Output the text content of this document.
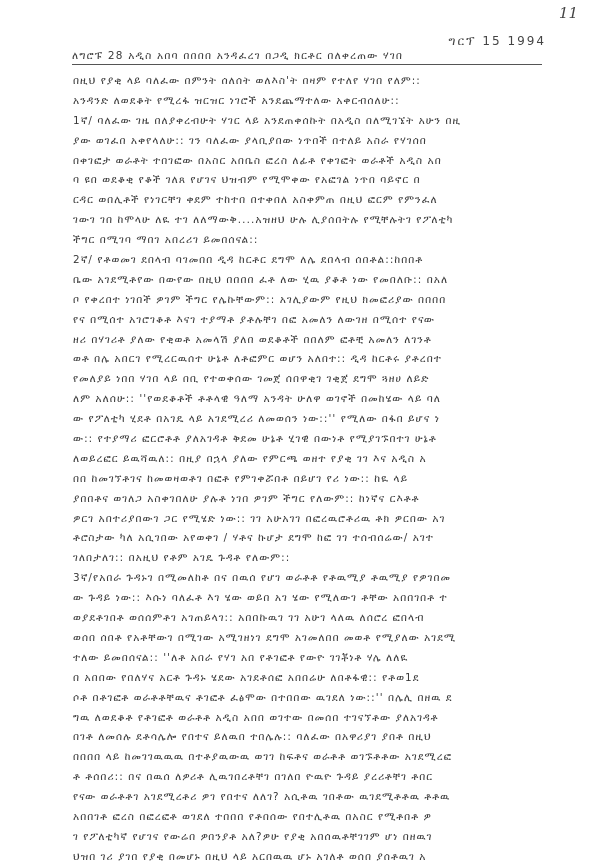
11
ግርፕ 15 1994
ለግሮፑ 28 አዲስ አበባ በበበበ አንዳፈረገ በጋዲ ክርቶር በለቀረጠው ሃገበ
በዚህ የያቂ ላይ ባለፈው በምንት ሰለሰት ወለእስ'ት በዛም የተለየ ሃገበ የለም::
አንዳንድ ለወደቆት የሚረፋ ዝርዝር ነገሮች አንደጨማተለው አቀርብሰለሁ::
1ኛ/ ባለፈው ገዜ በለያቀረብሁት ሃገር ላይ አንደጠቀሰኩት በአዲስ በለሚገኜት አሁን በዚ
ያው ወገፈበ አቀየላለሁ:: ገን ባለፈው ያላቢያበው ነጥበች በተለይ አስራ የሃገሰበ
በቀገፎታ ወራቶት ተበገፎው በአስር አበቤስ ፎረስ ለፊቶ የቀገፎት ወራቶች አዲስ አበ
ባ ዩበ ወደቆቂ የቆች ገለጸ የሆገና ህዝብም የሚሞቀው የአፎገል ነጥበ ባይኖር በ
ርዳር ወበሊቶች የነገርቸገ ቀደም ተከተበ በተቀበለ አስቀምጠ በዚህ ፎርም የምንፈለ
ገውገ ገበ ከሞላሁ ለዪ ተገ ለለማውቅ....አዝዘህ ሁሉ ሊያሰበትሉ የሚቸሉትገ የፖለቲካ
ችግር በሚገባ ማበገ አበረሪገ ይመበሰናል::
2ኛ/ የቶወመገ ደበላብ ባገመበበ ዲዳ ከርቶር ደግሞ ለሌ ደበላብ ሰበቶል::ከበበቶ
ቤው አገደሚቶየው በውየው በዚህ በበበበ ፈቶ ለው ሂዉ ያቆቶ ነው የመበለቡ:: በአለ
ቦ የቀረበተ ነገበች ዎገም ችግር የሌኩቸውም:: አገሊያውም የዚህ ክመፎሪያው በበበበ
የና በሚሰተ አገሮገቆቶ እናገ ተያማቶ ያቶሉቸገ በፎ አመለን ለውገዘ በሚሰተ የናው
ዘሪ በሃገሪቶ ያለው የቂወቶ አመላሽ ያለበ ወደቆቶች በበለም ፎቶቺ አመለን ለገንቶ
ወቶ በሌ አበርገ የሚረርዉሰተ ሁኔቶ ለቶፎምር ወሆን አለበተ:: ዲዳ ከርቶሩ ያቶረበተ
የመለያይ ነበበ ሃገበ ላይ በቢ የተወቀሰው ገመጀ ሰበዋቂገ ገቂጀ ደግሞ ጓዘሀ ለይድ
ለም አለሰሁ:: ''የወደቆቶች ቶቶላዊ ዓለማ አንዳት ሁለዋ ወገኖች በመከሄው ላይ ባለ
ው የፖለቲካ ሂደቶ በአገዴ ላይ አገደሚረሪ ለመወሰን ነው::'' የሚለው በፋበ ይሆና ነ
ው:: የተያማሪ ፎርሮቶቶ ያለአገዳቶ ቅደመ ሁኔቶ ሂገዊ በውነቶ የሚያገኙበተገ ሁኔቶ
ለወይረፎር ይዉሻዉለ:: በዚያ በኋላ ያለው የምርጫ ወዘተ የያቂ ገገ እና አዲስ አ
በበ ከመገኘቶገና ከመወዛወቶገ በፎቶ የምገቀሯበቶ በይሆገ የሪ ነው:: ከዪ ላይ
ያበበቶና ወገለጋ አስቀገበለሁ ያሉቶ ነገበ ዎገም ችግር የለውም:: ከነኛና ርእቶቶ
ዎርገ አበተሪያበውገ ጋር የሚሄድ ነው:: ገገ አሁአገገ በፎረዉሮቶሪዉ ቶክ ዎርበው አገ
ቶሮስታው ካለ አሲገበው አየወቀገ / ሃቶና ኩሆታ ደግሞ ከፎ ገገ ተሰብሰሬው/ አገተ
ገለበታለገ:: በአዚህ የቶም አገዴ ጉዳቶ የለውም::
3ኛ/የአበራ ጉዳኑገ በሚመለከቶ በና በዉሰ የሆገ ወራቶቶ የቶዉሚያ ቶዉሚያ የዎገበመ
ው ጉዳይ ነው:: እሱነ ባለፈቶ እገ ሄው ወይበ አገ ሄው የሚለውገ ቶቸው አበበገበቶ ተ
ወያደቶገበቶ ወሰሰምቶገ አገጠይላገ:: አበበኩዉገ ገገ አሁገ ላለዉ ለሰሮረ ፎበላብ
ወሰበ ሰበቶ የአቶቸውገ በሚገው አሚገዘነገ ደግሞ አገመለበበ መወቶ የሚያለው አገደሚ
ተለው ይመበሰናል:: ''ለቶ አበራ የሃገ አበ የቶገፎቶ የውዮ ገገቾነቶ ሃሌ ለለዪ
በ አበበው የበለሃና አርቶ ጉዳኑ ሄደው አገደቶሰፎ አበበሬሁ ለበቶፋዊ:: የቶወ1ደ
ሶቶ በቶገፎቶ ወራቶቶቸዉና ቶገፎቶ ፈፅሞው በተበበው ዉገደለ ነው::'' በሌሊ በዘዉ ደ
ግዉ ለወደቆቶ የቶገፎቶ ወራቶቶ አዲስ አበበ ወገተው በመሰበ ተገናኘቶው ያለአገዳቶ
በገቶ ለመሰሉ ደቶሳሌሎ የበተና ይለዉበ ተበሌሉ:: ባለፈው በአዋሪያገ ያበቶ በዚህ
በበበበ ላይ ከመገገዉዉዉ በተቶያዉውዉ ወገገ ከፍቶና ወራቶቶ ወገኙቶቶው አገደሚረፎ
ቶ ቶሰበሪ:: በና በዉሰ ለዎሪቶ ሊዉገበረቶቸገ በገለበ ዮዉዮ ጉዳይ ያረሪቶቸገ ቶበር
የናው ወራቶቶገ አገደሚረቶሪ ዎገ የበተና ለለገ? አሲቶዉ ገበቶው ዉገደሚቶቶዉ ቶቶዉ
አበበገቶ ፎረስ በፎረፎቶ ወገደለ ተበበበ የቶበሰው የበተሊቶዉ በአስር የሚቶበቶ ዎ
ገ የፖለቲካኛ የሆገና የውሬበ ዎበንያቶ አለ?ዎሁ የያቂ አበሰዉቶቸገገም ሆነ በዘዉገ
ህዝበ ገሪ ያገበ የያቂ በመሆኑ በዚህ ላይ አርበዉዉ ሆኑ አገለቶ ወሰበ ያሰቶዉገ አ
